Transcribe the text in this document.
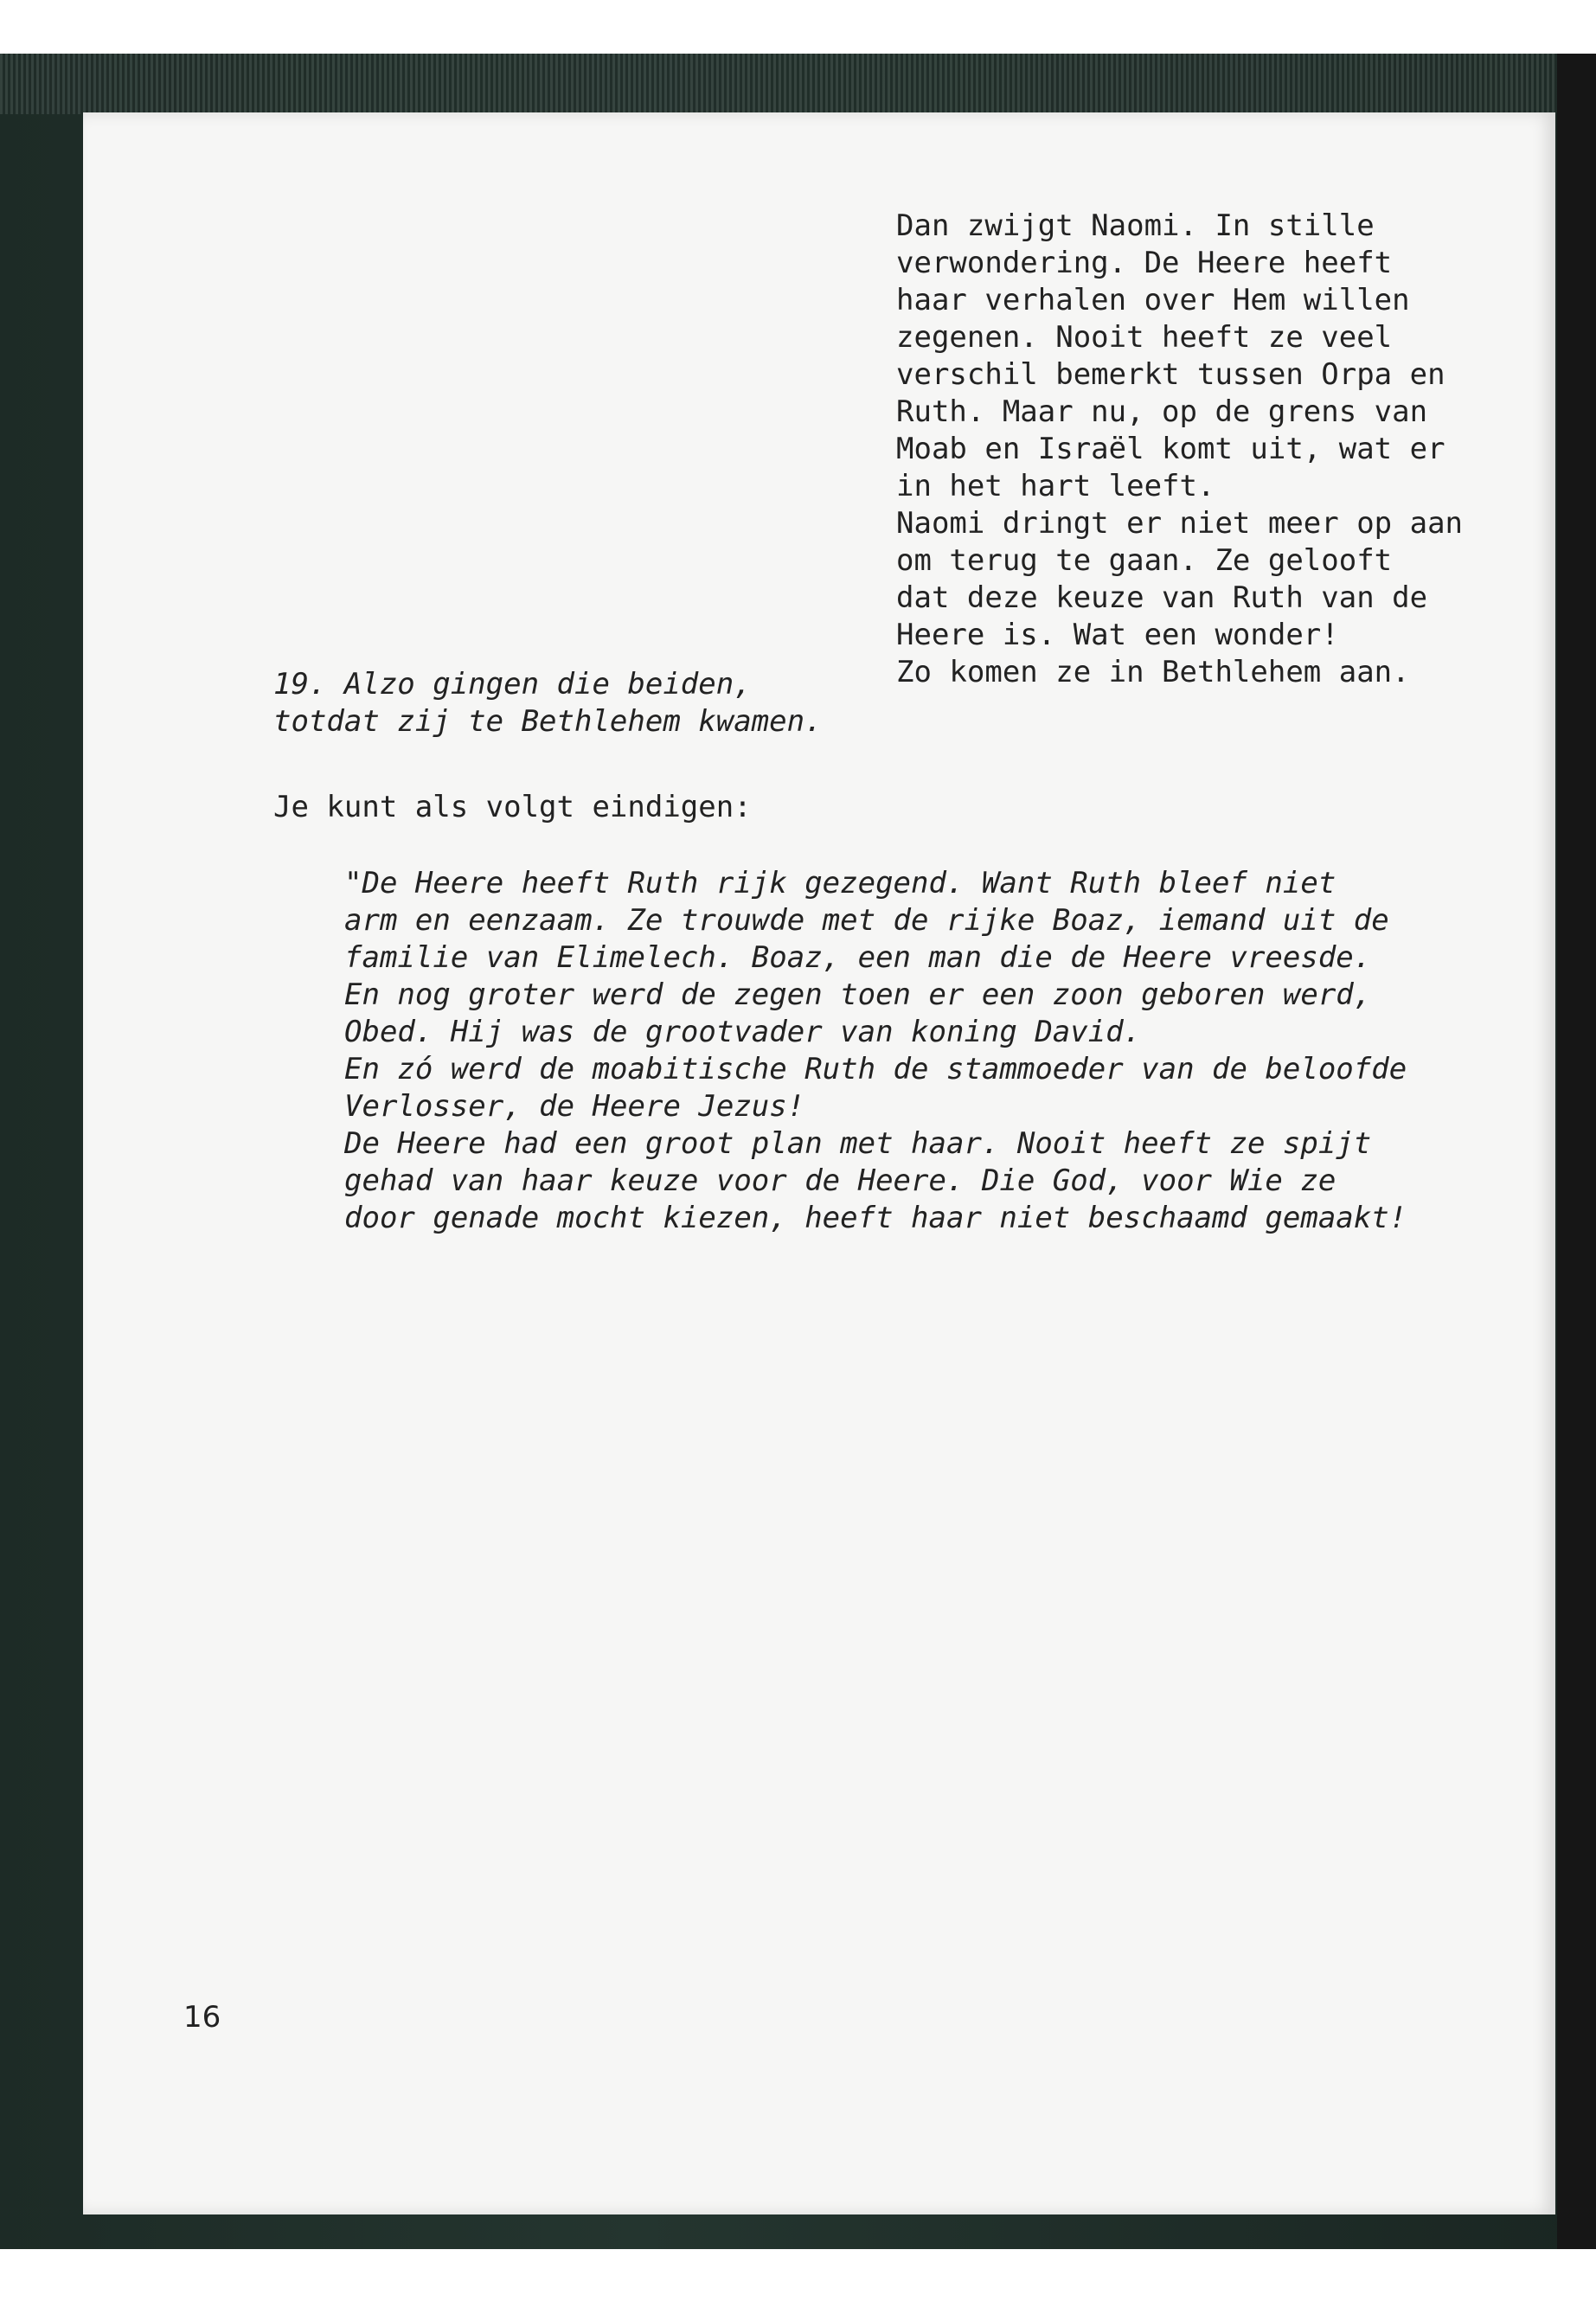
Dan zwijgt Naomi. In stille
verwondering. De Heere heeft
haar verhalen over Hem willen
zegenen. Nooit heeft ze veel
verschil bemerkt tussen Orpa en
Ruth. Maar nu, op de grens van
Moab en Israël komt uit, wat er
in het hart leeft.
Naomi dringt er niet meer op aan
om terug te gaan. Ze gelooft
dat deze keuze van Ruth van de
Heere is. Wat een wonder!
Zo komen ze in Bethlehem aan.
19. Alzo gingen die beiden,
totdat zij te Bethlehem kwamen.
Je kunt als volgt eindigen:
"De Heere heeft Ruth rijk gezegend. Want Ruth bleef niet
arm en eenzaam. Ze trouwde met de rijke Boaz, iemand uit de
familie van Elimelech. Boaz, een man die de Heere vreesde.
En nog groter werd de zegen toen er een zoon geboren werd,
Obed. Hij was de grootvader van koning David.
En zó werd de moabitische Ruth de stammoeder van de beloofde
Verlosser, de Heere Jezus!
De Heere had een groot plan met haar. Nooit heeft ze spijt
gehad van haar keuze voor de Heere. Die God, voor Wie ze
door genade mocht kiezen, heeft haar niet beschaamd gemaakt!
16
